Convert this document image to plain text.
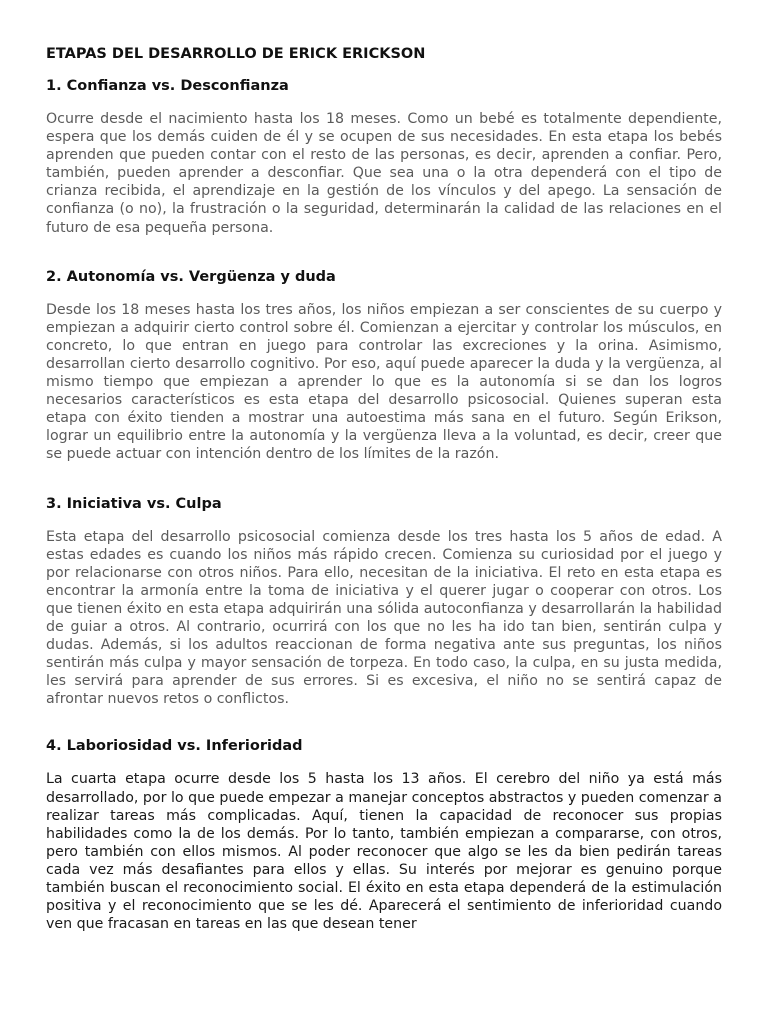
ETAPAS DEL DESARROLLO DE ERICK ERICKSON
1. Confianza vs. Desconfianza

Ocurre desde el nacimiento hasta los 18 meses. Como un bebé es totalmente dependiente, espera que los demás cuiden de él y se ocupen de sus necesidades. En esta etapa los bebés aprenden que pueden contar con el resto de las personas, es decir, aprenden a confiar. Pero, también, pueden aprender a desconfiar. Que sea una o la otra dependerá con el tipo de crianza recibida, el aprendizaje en la gestión de los vínculos y del apego. La sensación de confianza (o no), la frustración o la seguridad, determinarán la calidad de las relaciones en el futuro de esa pequeña persona.

2. Autonomía vs. Vergüenza y duda

Desde los 18 meses hasta los tres años, los niños empiezan a ser conscientes de su cuerpo y empiezan a adquirir cierto control sobre él. Comienzan a ejercitar y controlar los músculos, en concreto, lo que entran en juego para controlar las excreciones y la orina. Asimismo, desarrollan cierto desarrollo cognitivo. Por eso, aquí puede aparecer la duda y la vergüenza, al mismo tiempo que empiezan a aprender lo que es la autonomía si se dan los logros necesarios característicos es esta etapa del desarrollo psicosocial. Quienes superan esta etapa con éxito tienden a mostrar una autoestima más sana en el futuro. Según Erikson, lograr un equilibrio entre la autonomía y la vergüenza lleva a la voluntad, es decir, creer que se puede actuar con intención dentro de los límites de la razón.

3. Iniciativa vs. Culpa

Esta etapa del desarrollo psicosocial comienza desde los tres hasta los 5 años de edad. A estas edades es cuando los niños más rápido crecen. Comienza su curiosidad por el juego y por relacionarse con otros niños. Para ello, necesitan de la iniciativa. El reto en esta etapa es encontrar la armonía entre la toma de iniciativa y el querer jugar o cooperar con otros. Los que tienen éxito en esta etapa adquirirán una sólida autoconfianza y desarrollarán la habilidad de guiar a otros. Al contrario, ocurrirá con los que no les ha ido tan bien, sentirán culpa y dudas. Además, si los adultos reaccionan de forma negativa ante sus preguntas, los niños sentirán más culpa y mayor sensación de torpeza. En todo caso, la culpa, en su justa medida, les servirá para aprender de sus errores. Si es excesiva, el niño no se sentirá capaz de afrontar nuevos retos o conflictos.

4. Laboriosidad vs. Inferioridad

La cuarta etapa ocurre desde los 5 hasta los 13 años. El cerebro del niño ya está más desarrollado, por lo que puede empezar a manejar conceptos abstractos y pueden comenzar a realizar tareas más complicadas. Aquí, tienen la capacidad de reconocer sus propias habilidades como la de los demás. Por lo tanto, también empiezan a compararse, con otros, pero también con ellos mismos. Al poder reconocer que algo se les da bien pedirán tareas cada vez más desafiantes para ellos y ellas. Su interés por mejorar es genuino porque también buscan el reconocimiento social. El éxito en esta etapa dependerá de la estimulación positiva y el reconocimiento que se les dé. Aparecerá el sentimiento de inferioridad cuando ven que fracasan en tareas en las que desean tener
